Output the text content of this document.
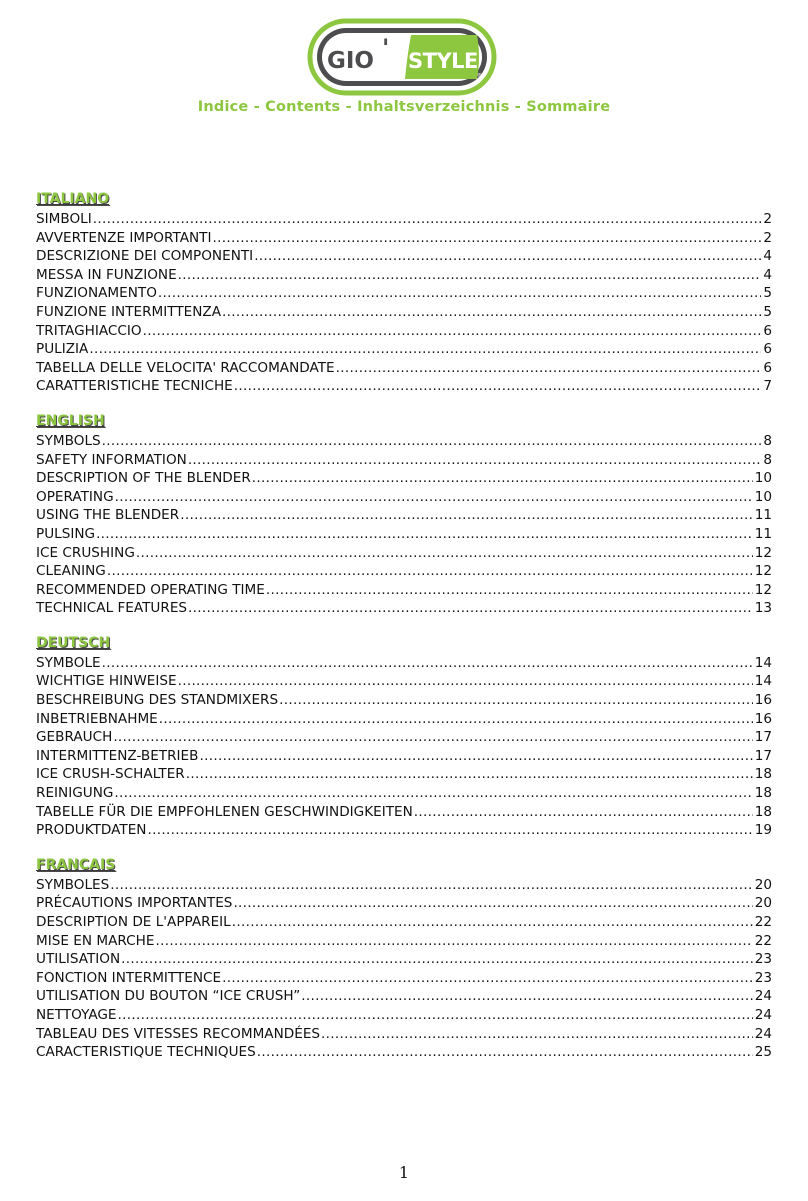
GIO ' STYLE
®
Indice - Contents - Inhaltsverzeichnis - Sommaire
ITALIANO
SIMBOLI .....	2
AVVERTENZE IMPORTANTI .....	2
DESCRIZIONE DEI COMPONENTI .....	4
MESSA IN FUNZIONE .....	4
FUNZIONAMENTO .....	5
FUNZIONE INTERMITTENZA .....	5
TRITAGHIACCIO .....	6
PULIZIA .....	6
TABELLA DELLE VELOCITA' RACCOMANDATE .....	6
CARATTERISTICHE TECNICHE .....	7
ENGLISH
SYMBOLS .....	8
SAFETY INFORMATION .....	8
DESCRIPTION OF THE BLENDER .....	10
OPERATING .....	10
USING THE BLENDER .....	11
PULSING .....	11
ICE CRUSHING .....	12
CLEANING .....	12
RECOMMENDED OPERATING TIME .....	12
TECHNICAL FEATURES .....	13
DEUTSCH
SYMBOLE .....	14
WICHTIGE HINWEISE .....	14
BESCHREIBUNG DES STANDMIXERS .....	16
INBETRIEBNAHME .....	16
GEBRAUCH .....	17
INTERMITTENZ-BETRIEB .....	17
ICE CRUSH-SCHALTER .....	18
REINIGUNG .....	18
TABELLE FÜR DIE EMPFOHLENEN GESCHWINDIGKEITEN .....	18
PRODUKTDATEN .....	19
FRANCAIS
SYMBOLES .....	20
PRÉCAUTIONS IMPORTANTES .....	20
DESCRIPTION DE L'APPAREIL .....	22
MISE EN MARCHE .....	22
UTILISATION .....	23
FONCTION INTERMITTENCE .....	23
UTILISATION DU BOUTON “ICE CRUSH” .....	24
NETTOYAGE .....	24
TABLEAU DES VITESSES RECOMMANDÉES .....	24
CARACTERISTIQUE TECHNIQUES .....	25
1
